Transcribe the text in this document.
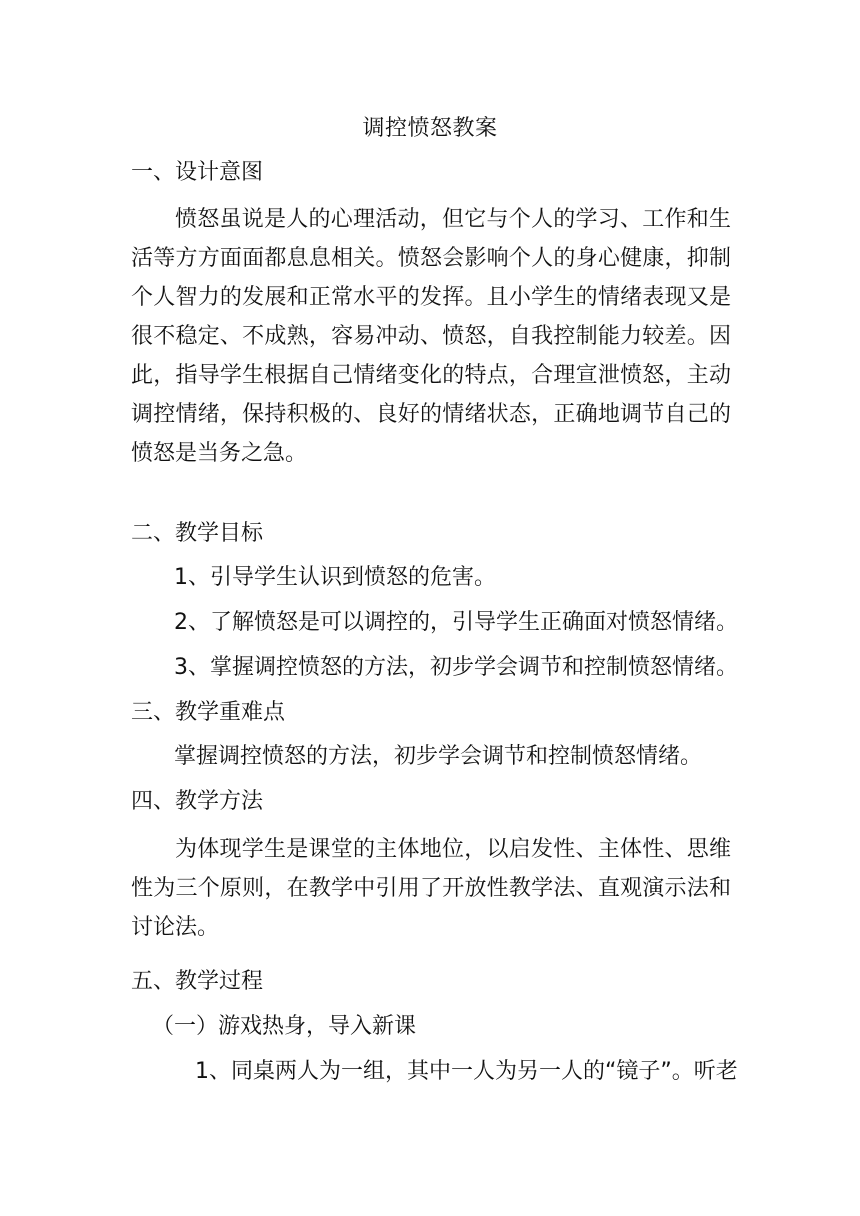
调控愤怒教案

一、设计意图

愤怒虽说是人的心理活动，但它与个人的学习、工作和生活等方方面面都息息相关。愤怒会影响个人的身心健康，抑制个人智力的发展和正常水平的发挥。且小学生的情绪表现又是很不稳定、不成熟，容易冲动、愤怒，自我控制能力较差。因此，指导学生根据自己情绪变化的特点，合理宣泄愤怒，主动调控情绪，保持积极的、良好的情绪状态，正确地调节自己的愤怒是当务之急。

二、教学目标

1、引导学生认识到愤怒的危害。

2、了解愤怒是可以调控的，引导学生正确面对愤怒情绪。

3、掌握调控愤怒的方法，初步学会调节和控制愤怒情绪。

三、教学重难点

掌握调控愤怒的方法，初步学会调节和控制愤怒情绪。

四、教学方法

为体现学生是课堂的主体地位，以启发性、主体性、思维性为三个原则，在教学中引用了开放性教学法、直观演示法和讨论法。

五、教学过程

（一）游戏热身，导入新课

1、同桌两人为一组，其中一人为另一人的“镜子”。听老
